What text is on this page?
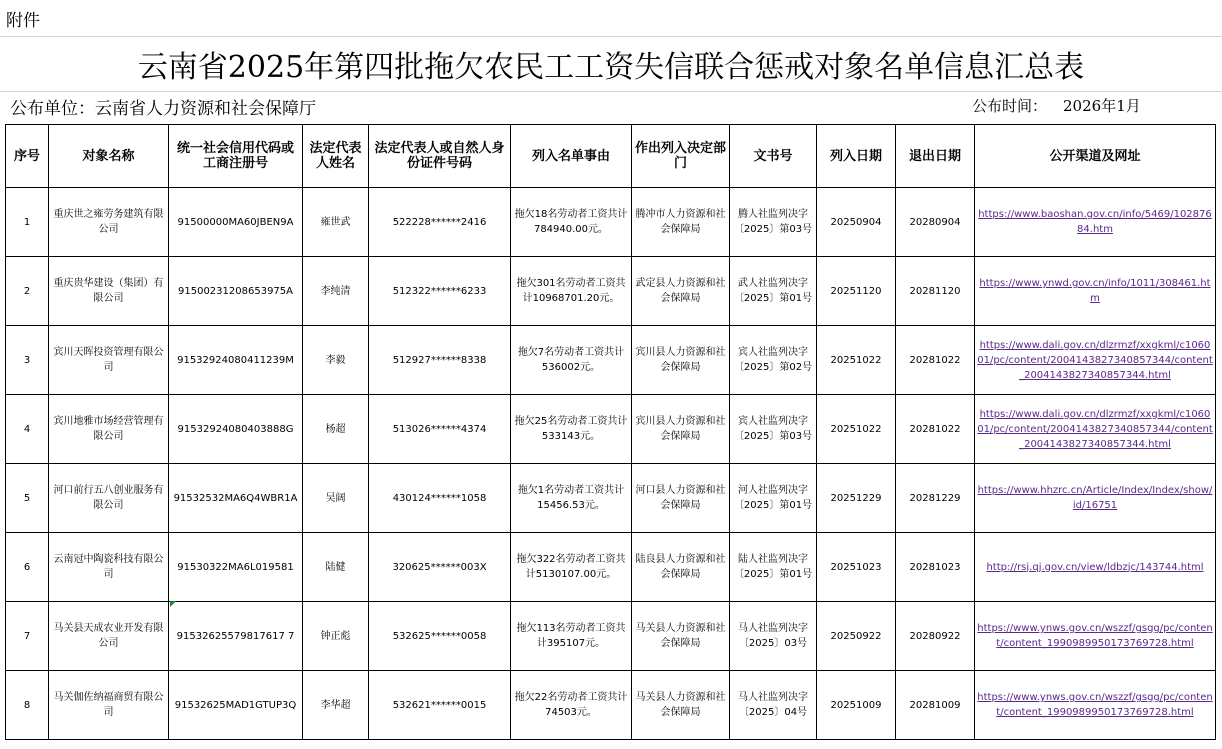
附件
云南省2025年第四批拖欠农民工工资失信联合惩戒对象名单信息汇总表
公布单位：云南省人力资源和社会保障厅	公布时间： 2026年1月
序号	对象名称	统一社会信用代码或工商注册号	法定代表人姓名	法定代表人或自然人身份证件号码	列入名单事由	作出列入决定部门	文书号	列入日期	退出日期	公开渠道及网址
1	重庆世之雍劳务建筑有限公司	91500000MA60JBEN9A	雍世武	522228******2416	拖欠18名劳动者工资共计784940.00元。	腾冲市人力资源和社会保障局	腾人社监列决字〔2025〕第03号	20250904	20280904	https://www.baoshan.gov.cn/info/5469/10287684.htm
2	重庆贵华建设（集团）有限公司	91500231208653975A	李纯清	512322******6233	拖欠301名劳动者工资共计10968701.20元。	武定县人力资源和社会保障局	武人社监列决字〔2025〕第01号	20251120	20281120	https://www.ynwd.gov.cn/info/1011/308461.htm
3	宾川天晖投资管理有限公司	91532924080411239M	李毅	512927******8338	拖欠7名劳动者工资共计536002元。	宾川县人力资源和社会保障局	宾人社监列决字〔2025〕第02号	20251022	20281022	https://www.dali.gov.cn/dlzrmzf/xxgkml/c106001/pc/content/2004143827340857344/content_2004143827340857344.html
4	宾川地雅市场经营管理有限公司	91532924080403888G	杨超	513026******4374	拖欠25名劳动者工资共计533143元。	宾川县人力资源和社会保障局	宾人社监列决字〔2025〕第03号	20251022	20281022	https://www.dali.gov.cn/dlzrmzf/xxgkml/c106001/pc/content/2004143827340857344/content_2004143827340857344.html
5	河口前行五八创业服务有限公司	91532532MA6Q4WBR1A	吴阔	430124******1058	拖欠1名劳动者工资共计15456.53元。	河口县人力资源和社会保障局	河人社监列决字〔2025〕第01号	20251229	20281229	https://www.hhzrc.cn/Article/Index/Index/show/id/16751
6	云南冠中陶瓷科技有限公司	91530322MA6L019581	陆健	320625******003X	拖欠322名劳动者工资共计5130107.00元。	陆良县人力资源和社会保障局	陆人社监列决字〔2025〕第01号	20251023	20281023	http://rsj.qj.gov.cn/view/ldbzjc/143744.html
7	马关县天成农业开发有限公司	91532625579817617 7	钟正彪	532625******0058	拖欠113名劳动者工资共计395107元。	马关县人力资源和社会保障局	马人社监列决字〔2025〕03号	20250922	20280922	https://www.ynws.gov.cn/wszzf/gsgg/pc/content/content_1990989950173769728.html
8	马关伽佐纳福商贸有限公司	91532625MAD1GTUP3Q	李华超	532621******0015	拖欠22名劳动者工资共计74503元。	马关县人力资源和社会保障局	马人社监列决字〔2025〕04号	20251009	20281009	https://www.ynws.gov.cn/wszzf/gsgg/pc/content/content_1990989950173769728.html
